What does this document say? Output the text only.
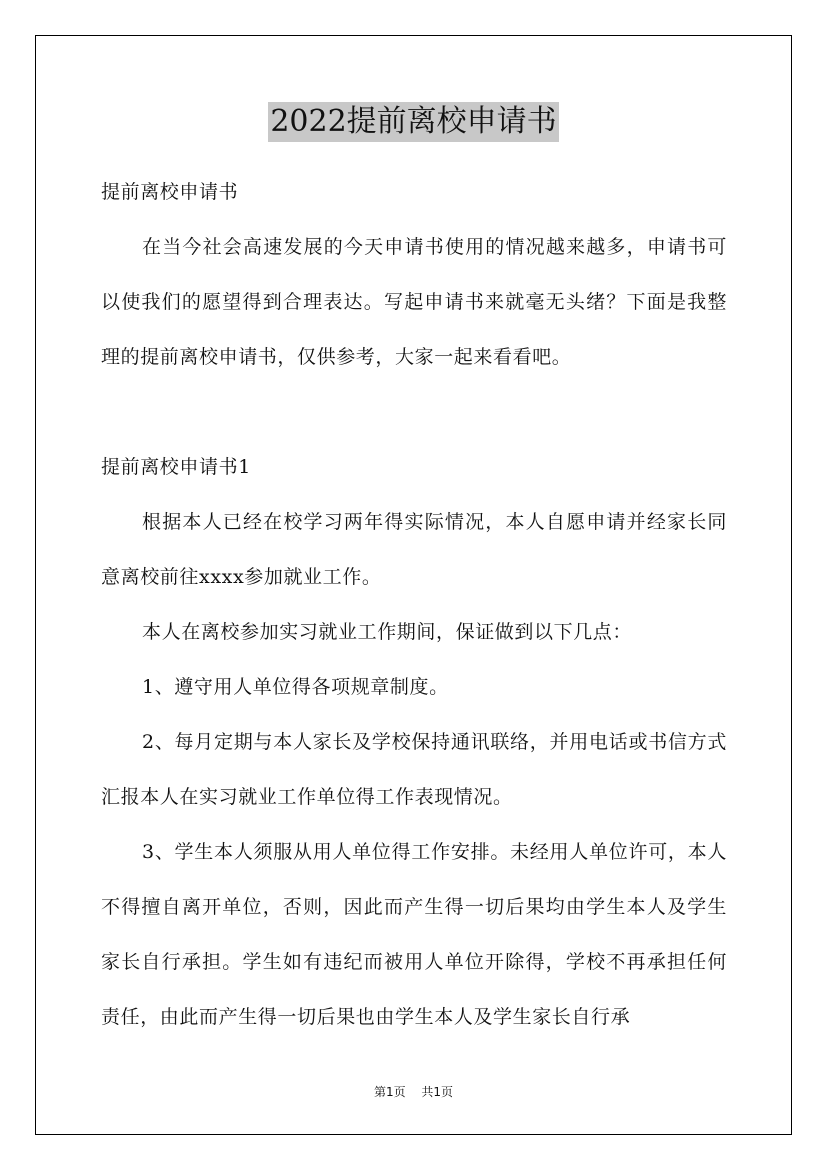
2022提前离校申请书

提前离校申请书

在当今社会高速发展的今天申请书使用的情况越来越多，申请书可以使我们的愿望得到合理表达。写起申请书来就毫无头绪？下面是我整理的提前离校申请书，仅供参考，大家一起来看看吧。

提前离校申请书1

根据本人已经在校学习两年得实际情况，本人自愿申请并经家长同意离校前往xxxx参加就业工作。

本人在离校参加实习就业工作期间，保证做到以下几点：

1、遵守用人单位得各项规章制度。

2、每月定期与本人家长及学校保持通讯联络，并用电话或书信方式汇报本人在实习就业工作单位得工作表现情况。

3、学生本人须服从用人单位得工作安排。未经用人单位许可，本人不得擅自离开单位，否则，因此而产生得一切后果均由学生本人及学生家长自行承担。学生如有违纪而被用人单位开除得，学校不再承担任何责任，由此而产生得一切后果也由学生本人及学生家长自行承

第1页 共1页
